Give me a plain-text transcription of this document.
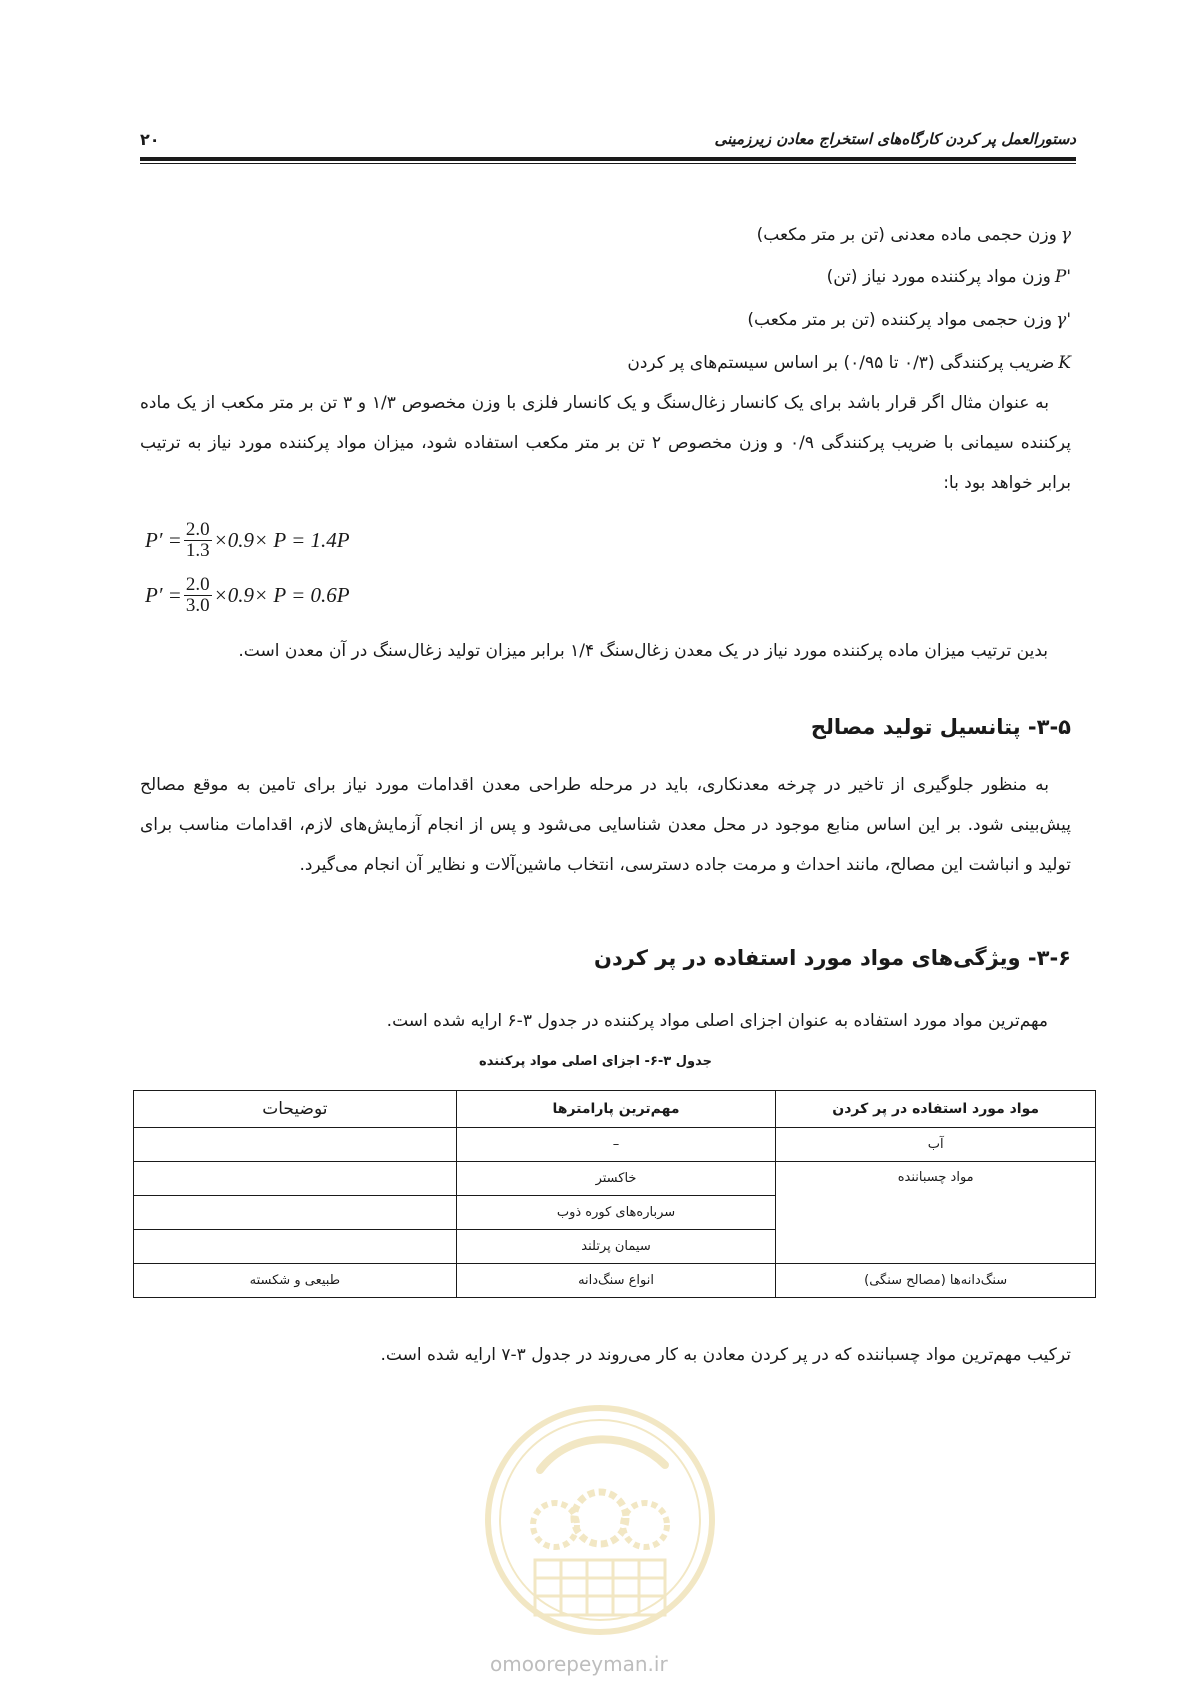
۲۰	دستورالعمل پر کردن کارگاه‌های استخراج معادن زیرزمینی
γوزن حجمی ماده معدنی (تن بر متر مکعب)
P'وزن مواد پرکننده مورد نیاز (تن)
γ'وزن حجمی مواد پرکننده (تن بر متر مکعب)
Kضریب پرکنندگی (۰/۳ تا ۰/۹۵) بر اساس سیستم‌های پر کردن
به عنوان مثال اگر قرار باشد برای یک کانسار زغال‌سنگ و یک کانسار فلزی با وزن مخصوص ۱/۳ و ۳ تن بر متر مکعب از یک ماده پرکننده سیمانی با ضریب پرکنندگی ۰/۹ و وزن مخصوص ۲ تن بر متر مکعب استفاده شود، میزان مواد پرکننده مورد نیاز به ترتیب برابر خواهد بود با:
$P' = \frac{2.0}{1.3} \times 0.9\times P = 1.4P$
$P' = \frac{2.0}{3.0} \times 0.9\times P = 0.6P$
بدین ترتیب میزان ماده پرکننده مورد نیاز در یک معدن زغال‌سنگ ۱/۴ برابر میزان تولید زغال‌سنگ در آن معدن است.
۳-۵- پتانسیل تولید مصالح
به منظور جلوگیری از تاخیر در چرخه معدنکاری، باید در مرحله طراحی معدن اقدامات مورد نیاز برای تامین به موقع مصالح پیش‌بینی شود. بر این اساس منابع موجود در محل معدن شناسایی می‌شود و پس از انجام آزمایش‌های لازم، اقدامات مناسب برای تولید و انباشت این مصالح، مانند احداث و مرمت جاده دسترسی، انتخاب ماشین‌آلات و نظایر آن انجام می‌گیرد.
۳-۶- ویژگی‌های مواد مورد استفاده در پر کردن
مهم‌ترین مواد مورد استفاده به عنوان اجزای اصلی مواد پرکننده در جدول ۳-۶ ارایه شده است.
جدول ۳-۶- اجزای اصلی مواد پرکننده
مواد مورد استفاده در پر کردن	مهم‌ترین پارامترها	توضیحات
آب	–	
مواد چسباننده	خاکستر	
	سرباره‌های کوره ذوب	
	سیمان پرتلند	
سنگ‌دانه‌ها (مصالح سنگی)	انواع سنگ‌دانه	طبیعی و شکسته
ترکیب مهم‌ترین مواد چسباننده که در پر کردن معادن به کار می‌روند در جدول ۳-۷ ارایه شده است.
omoorepeyman.ir
